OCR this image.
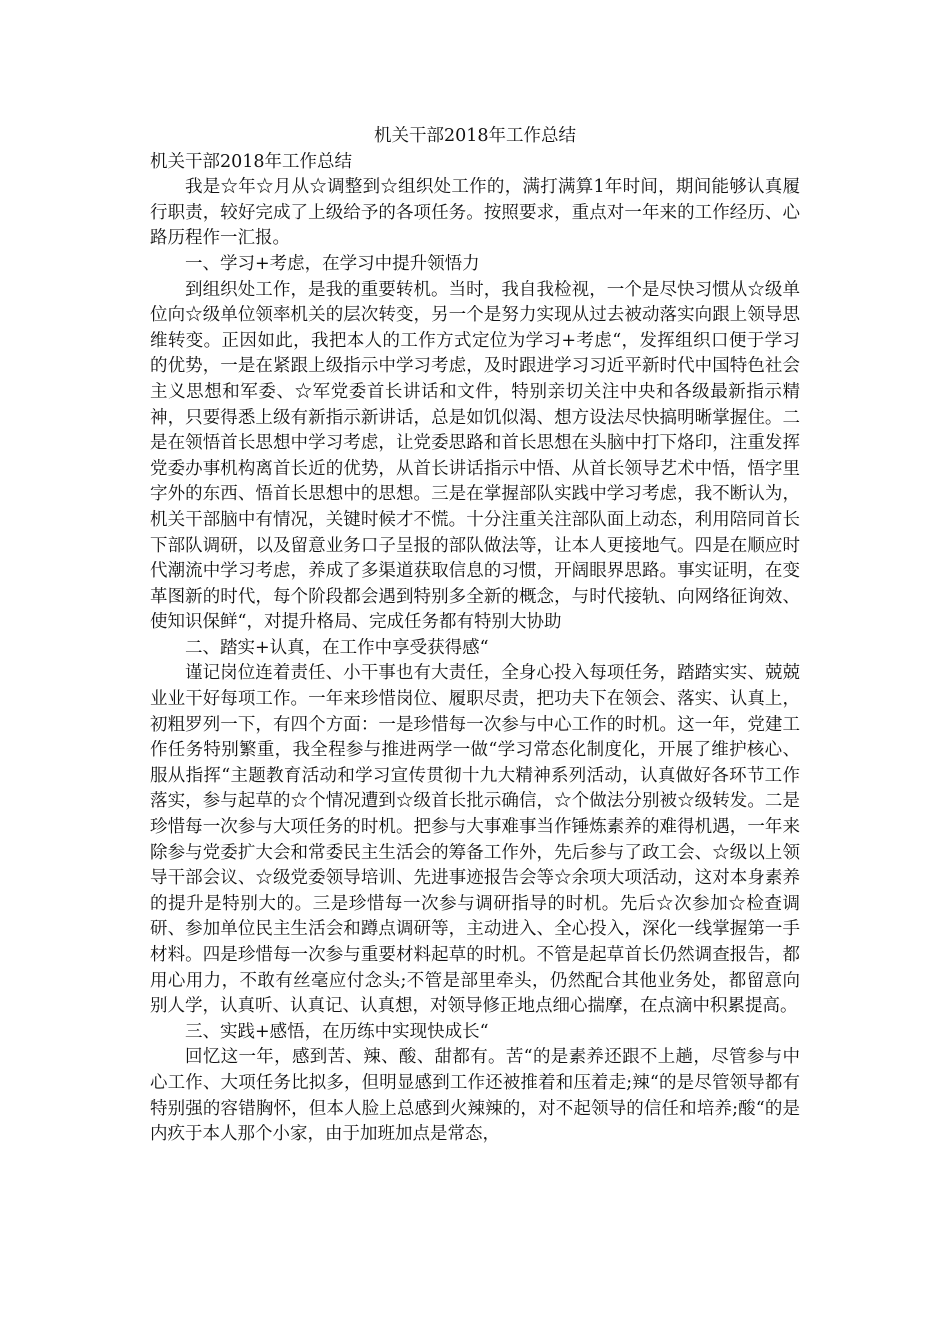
机关干部2018年工作总结

机关干部2018年工作总结

我是☆年☆月从☆调整到☆组织处工作的，满打满算1年时间，期间能够认真履行职责，较好完成了上级给予的各项任务。按照要求，重点对一年来的工作经历、心路历程作一汇报。

一、学习+考虑，在学习中提升领悟力

到组织处工作，是我的重要转机。当时，我自我检视，一个是尽快习惯从☆级单位向☆级单位领率机关的层次转变，另一个是努力实现从过去被动落实向跟上领导思维转变。正因如此，我把本人的工作方式定位为学习+考虑“，发挥组织口便于学习的优势，一是在紧跟上级指示中学习考虑，及时跟进学习习近平新时代中国特色社会主义思想和军委、☆军党委首长讲话和文件，特别亲切关注中央和各级最新指示精神，只要得悉上级有新指示新讲话，总是如饥似渴、想方设法尽快搞明晰掌握住。二是在领悟首长思想中学习考虑，让党委思路和首长思想在头脑中打下烙印，注重发挥党委办事机构离首长近的优势，从首长讲话指示中悟、从首长领导艺术中悟，悟字里字外的东西、悟首长思想中的思想。三是在掌握部队实践中学习考虑，我不断认为，机关干部脑中有情况，关键时候才不慌。十分注重关注部队面上动态，利用陪同首长下部队调研，以及留意业务口子呈报的部队做法等，让本人更接地气。四是在顺应时代潮流中学习考虑，养成了多渠道获取信息的习惯，开阔眼界思路。事实证明，在变革图新的时代，每个阶段都会遇到特别多全新的概念，与时代接轨、向网络征询效、使知识保鲜“，对提升格局、完成任务都有特别大协助

二、踏实+认真，在工作中享受获得感“

谨记岗位连着责任、小干事也有大责任，全身心投入每项任务，踏踏实实、兢兢业业干好每项工作。一年来珍惜岗位、履职尽责，把功夫下在领会、落实、认真上，初粗罗列一下，有四个方面：一是珍惜每一次参与中心工作的时机。这一年，党建工作任务特别繁重，我全程参与推进两学一做“学习常态化制度化，开展了维护核心、服从指挥“主题教育活动和学习宣传贯彻十九大精神系列活动，认真做好各环节工作落实，参与起草的☆个情况遭到☆级首长批示确信，☆个做法分别被☆级转发。二是珍惜每一次参与大项任务的时机。把参与大事难事当作锤炼素养的难得机遇，一年来除参与党委扩大会和常委民主生活会的筹备工作外，先后参与了政工会、☆级以上领导干部会议、☆级党委领导培训、先进事迹报告会等☆余项大项活动，这对本身素养的提升是特别大的。三是珍惜每一次参与调研指导的时机。先后☆次参加☆检查调研、参加单位民主生活会和蹲点调研等，主动进入、全心投入，深化一线掌握第一手材料。四是珍惜每一次参与重要材料起草的时机。不管是起草首长仍然调查报告，都用心用力，不敢有丝毫应付念头;不管是部里牵头，仍然配合其他业务处，都留意向别人学，认真听、认真记、认真想，对领导修正地点细心揣摩，在点滴中积累提高。

三、实践+感悟，在历练中实现快成长“

回忆这一年，感到苦、辣、酸、甜都有。苦“的是素养还跟不上趟，尽管参与中心工作、大项任务比拟多，但明显感到工作还被推着和压着走;辣“的是尽管领导都有特别强的容错胸怀，但本人脸上总感到火辣辣的，对不起领导的信任和培养;酸“的是内疚于本人那个小家，由于加班加点是常态，
